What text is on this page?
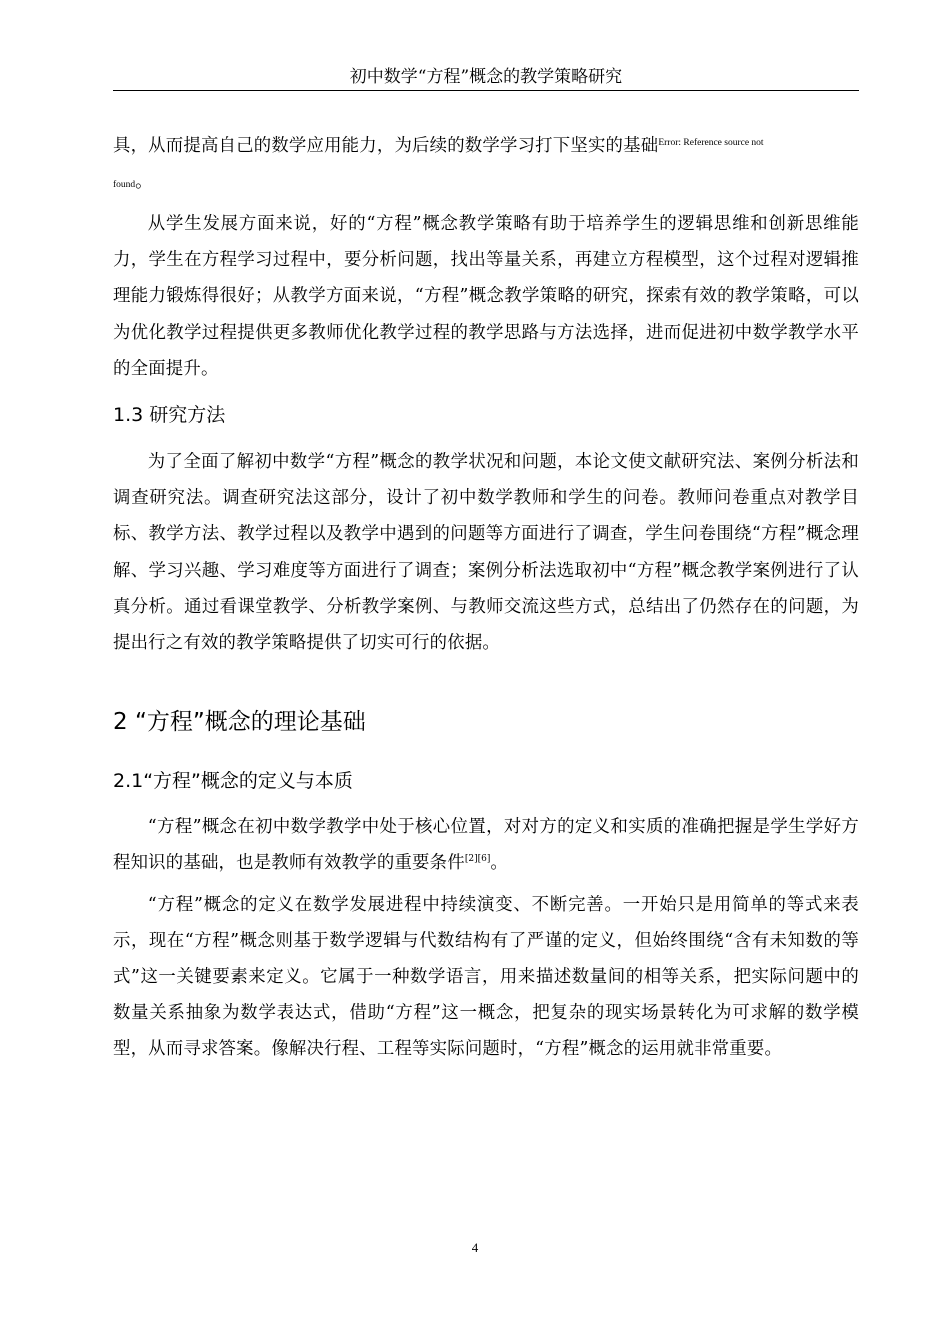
初中数学“方程”概念的教学策略研究

具，从而提高自己的数学应用能力，为后续的数学学习打下坚实的基础$^{Error: Reference source not}$
found。

从学生发展方面来说，好的“方程”概念教学策略有助于培养学生的逻辑思维和创新思维能力，学生在方程学习过程中，要分析问题，找出等量关系，再建立方程模型，这个过程对逻辑推理能力锻炼得很好；从教学方面来说，“方程”概念教学策略的研究，探索有效的教学策略，可以为优化教学过程提供更多教师优化教学过程的教学思路与方法选择，进而促进初中数学教学水平的全面提升。

1.3 研究方法

为了全面了解初中数学“方程”概念的教学状况和问题，本论文使文献研究法、案例分析法和调查研究法。调查研究法这部分，设计了初中数学教师和学生的问卷。教师问卷重点对教学目标、教学方法、教学过程以及教学中遇到的问题等方面进行了调查，学生问卷围绕“方程”概念理解、学习兴趣、学习难度等方面进行了调查；案例分析法选取初中“方程”概念教学案例进行了认真分析。通过看课堂教学、分析教学案例、与教师交流这些方式，总结出了仍然存在的问题，为提出行之有效的教学策略提供了切实可行的依据。

2 “方程”概念的理论基础
2.1“方程”概念的定义与本质

“方程”概念在初中数学教学中处于核心位置，对对方的定义和实质的准确把握是学生学好方程知识的基础，也是教师有效教学的重要条件[2][6]。

“方程”概念的定义在数学发展进程中持续演变、不断完善。一开始只是用简单的等式来表示，现在“方程”概念则基于数学逻辑与代数结构有了严谨的定义，但始终围绕“含有未知数的等式”这一关键要素来定义。它属于一种数学语言，用来描述数量间的相等关系，把实际问题中的数量关系抽象为数学表达式，借助“方程”这一概念，把复杂的现实场景转化为可求解的数学模型，从而寻求答案。像解决行程、工程等实际问题时，“方程”概念的运用就非常重要。

4
